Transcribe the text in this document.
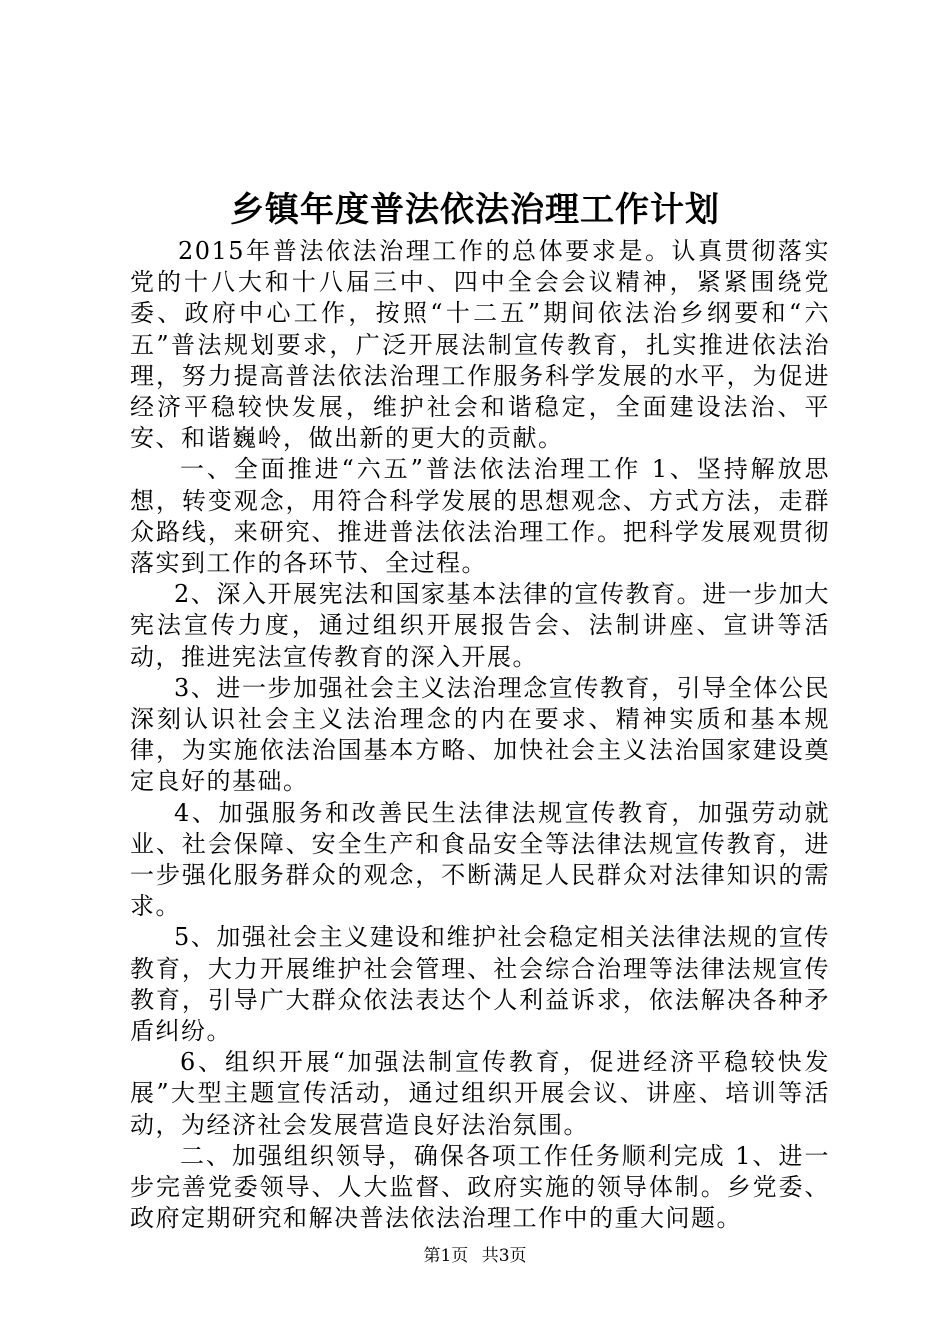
乡镇年度普法依法治理工作计划

2015年普法依法治理工作的总体要求是。认真贯彻落实党的十八大和十八届三中、四中全会会议精神，紧紧围绕党委、政府中心工作，按照“十二五”期间依法治乡纲要和“六五”普法规划要求，广泛开展法制宣传教育，扎实推进依法治理，努力提高普法依法治理工作服务科学发展的水平，为促进经济平稳较快发展，维护社会和谐稳定，全面建设法治、平安、和谐巍岭，做出新的更大的贡献。

一、全面推进“六五”普法依法治理工作 1、坚持解放思想，转变观念，用符合科学发展的思想观念、方式方法，走群众路线，来研究、推进普法依法治理工作。把科学发展观贯彻落实到工作的各环节、全过程。

2、深入开展宪法和国家基本法律的宣传教育。进一步加大宪法宣传力度，通过组织开展报告会、法制讲座、宣讲等活动，推进宪法宣传教育的深入开展。

3、进一步加强社会主义法治理念宣传教育，引导全体公民深刻认识社会主义法治理念的内在要求、精神实质和基本规律，为实施依法治国基本方略、加快社会主义法治国家建设奠定良好的基础。

4、加强服务和改善民生法律法规宣传教育，加强劳动就业、社会保障、安全生产和食品安全等法律法规宣传教育，进一步强化服务群众的观念，不断满足人民群众对法律知识的需求。

5、加强社会主义建设和维护社会稳定相关法律法规的宣传教育，大力开展维护社会管理、社会综合治理等法律法规宣传教育，引导广大群众依法表达个人利益诉求，依法解决各种矛盾纠纷。

6、组织开展“加强法制宣传教育，促进经济平稳较快发展”大型主题宣传活动，通过组织开展会议、讲座、培训等活动，为经济社会发展营造良好法治氛围。

二、加强组织领导，确保各项工作任务顺利完成 1、进一步完善党委领导、人大监督、政府实施的领导体制。乡党委、政府定期研究和解决普法依法治理工作中的重大问题。

第1页 共3页
